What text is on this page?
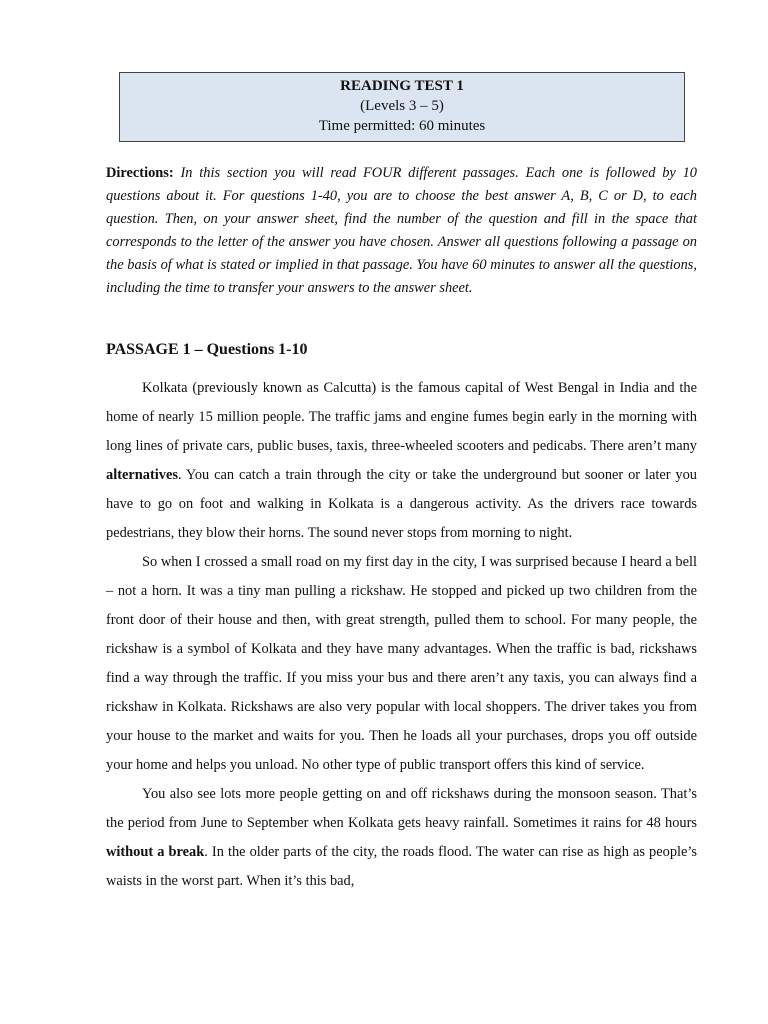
READING TEST 1
(Levels 3 – 5)
Time permitted: 60 minutes
Directions: In this section you will read FOUR different passages. Each one is followed by 10 questions about it. For questions 1-40, you are to choose the best answer A, B, C or D, to each question. Then, on your answer sheet, find the number of the question and fill in the space that corresponds to the letter of the answer you have chosen. Answer all questions following a passage on the basis of what is stated or implied in that passage. You have 60 minutes to answer all the questions, including the time to transfer your answers to the answer sheet.
PASSAGE 1 – Questions 1-10

Kolkata (previously known as Calcutta) is the famous capital of West Bengal in India and the home of nearly 15 million people. The traffic jams and engine fumes begin early in the morning with long lines of private cars, public buses, taxis, three-wheeled scooters and pedicabs. There aren’t many alternatives. You can catch a train through the city or take the underground but sooner or later you have to go on foot and walking in Kolkata is a dangerous activity. As the drivers race towards pedestrians, they blow their horns. The sound never stops from morning to night.

So when I crossed a small road on my first day in the city, I was surprised because I heard a bell – not a horn. It was a tiny man pulling a rickshaw. He stopped and picked up two children from the front door of their house and then, with great strength, pulled them to school. For many people, the rickshaw is a symbol of Kolkata and they have many advantages. When the traffic is bad, rickshaws find a way through the traffic. If you miss your bus and there aren’t any taxis, you can always find a rickshaw in Kolkata. Rickshaws are also very popular with local shoppers. The driver takes you from your house to the market and waits for you. Then he loads all your purchases, drops you off outside your home and helps you unload. No other type of public transport offers this kind of service.

You also see lots more people getting on and off rickshaws during the monsoon season. That’s the period from June to September when Kolkata gets heavy rainfall. Sometimes it rains for 48 hours without a break. In the older parts of the city, the roads flood. The water can rise as high as people’s waists in the worst part. When it’s this bad,
